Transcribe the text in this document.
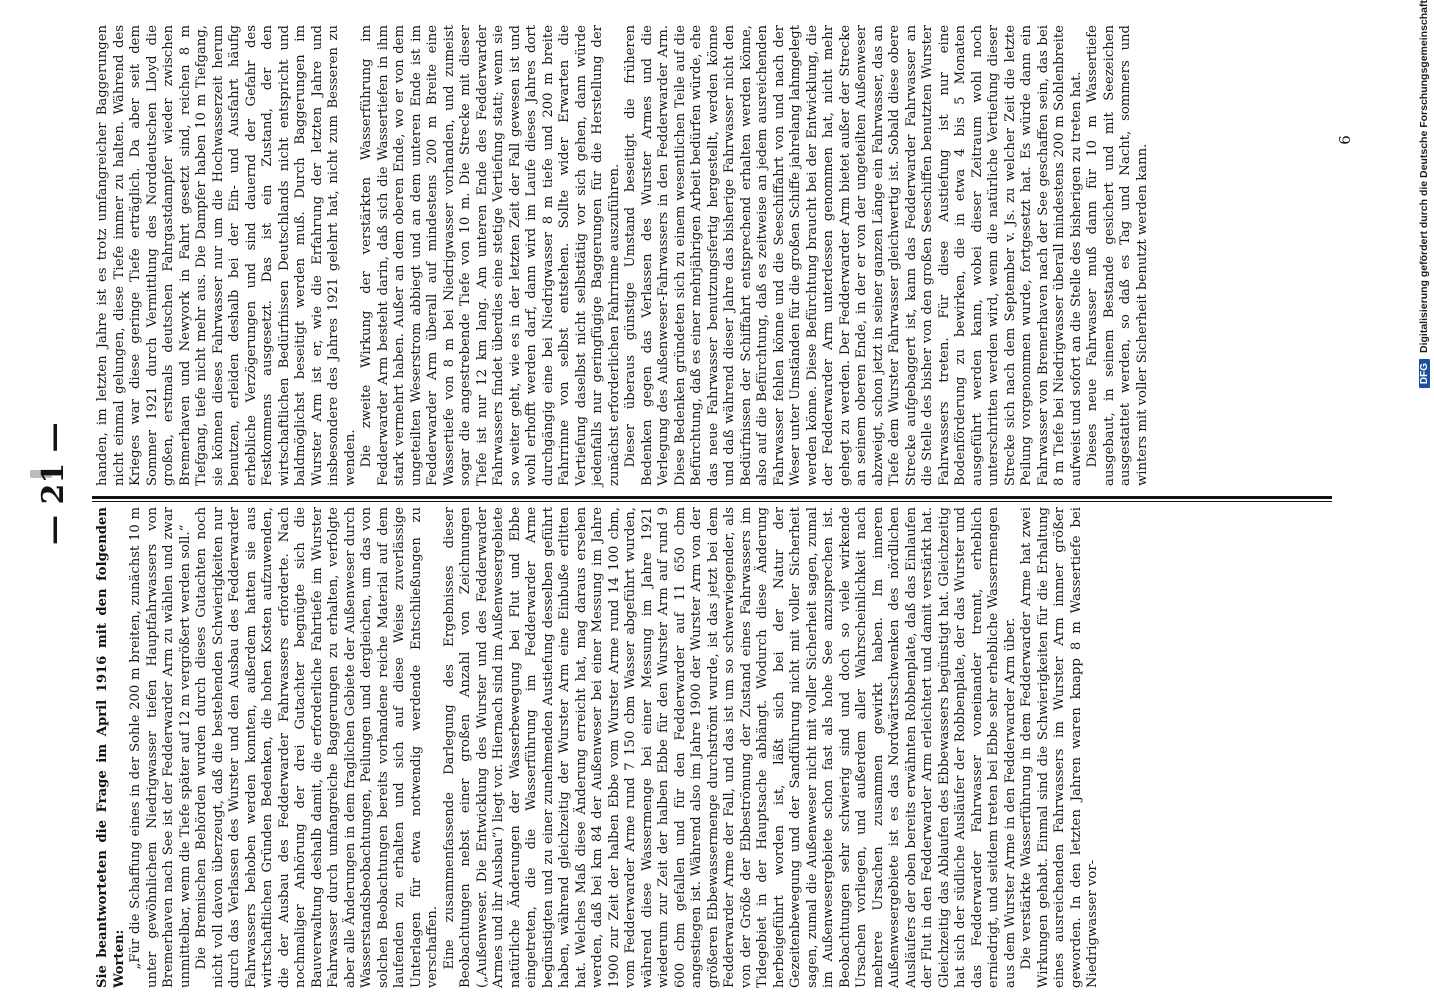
— 21 —

Sie beantworteten die Frage im April 1916 mit den folgenden Worten: „Für die Schaffung eines in der Sohle 200 m breiten, zunächst 10 m unter gewöhnlichem Niedrigwasser tiefen Hauptfahrwassers von Bremerhaven nach See ist der Fedderwarder Arm zu wählen und zwar unmittelbar, wenn die Tiefe später auf 12 m vergrößert werden soll.“ Die Bremischen Behörden wurden durch dieses Gutachten noch nicht voll davon überzeugt, daß die bestehenden Schwierigkeiten nur durch das Verlassen des Wurster und den Ausbau des Fedderwarder Fahrwassers behoben werden konnten, außerdem hatten sie aus wirtschaftlichen Gründen Bedenken, die hohen Kosten aufzuwenden, die der Ausbau des Fedderwarder Fahrwassers erforderte. Nach nochmaliger Anhörung der drei Gutachter begnügte sich die Bauverwaltung deshalb damit, die erforderliche Fahrtiefe im Wurster Fahrwasser durch umfangreiche Baggerungen zu erhalten, verfolgte aber alle Änderungen in dem fraglichen Gebiete der Außenweser durch Wasserstandsbeobachtungen, Peilungen und dergleichen, um das von solchen Beobachtungen bereits vorhandene reiche Material auf dem laufenden zu erhalten und sich auf diese Weise zuverlässige Unterlagen für etwa notwendig werdende Entschließungen zu verschaffen. Eine zusammenfassende Darlegung des Ergebnisses dieser Beobachtungen nebst einer großen Anzahl von Zeichnungen („Außenweser. Die Entwicklung des Wurster und des Fedderwarder Armes und ihr Ausbau“) liegt vor. Hiernach sind im Außenwesergebiete natürliche Änderungen der Wasserbewegung bei Flut und Ebbe eingetreten, die die Wasserführung im Fedderwarder Arme begünstigten und zu einer zunehmenden Austiefung desselben geführt haben, während gleichzeitig der Wurster Arm eine Einbuße erlitten hat. Welches Maß diese Änderung erreicht hat, mag daraus ersehen werden, daß bei km 84 der Außenweser bei einer Messung im Jahre 1900 zur Zeit der halben Ebbe vom Wurster Arme rund 14 100 cbm, vom Fedderwarder Arme rund 7 150 cbm Wasser abgeführt wurden, während diese Wassermenge bei einer Messung im Jahre 1921 wiederum zur Zeit der halben Ebbe für den Wurster Arm auf rund 9 600 cbm gefallen und für den Fedderwarder auf 11 650 cbm angestiegen ist. Während also im Jahre 1900 der Wurster Arm von der größeren Ebbewassermenge durchströmt wurde, ist das jetzt bei dem Fedderwarder Arme der Fall, und das ist um so schwerwiegender, als von der Größe der Ebbeströmung der Zustand eines Fahrwassers im Tidegebiet in der Hauptsache abhängt. Wodurch diese Änderung herbeigeführt worden ist, läßt sich bei der Natur der Gezeitenbewegung und der Sandführung nicht mit voller Sicherheit sagen, zumal die Außenweser nicht mit voller Sicherheit sagen, zumal im Außenwesergebiete schon fast als hohe See anzusprechen ist. Beobachtungen sehr schwierig sind und doch so viele wirkende Ursachen vorliegen, und außerdem aller Wahrscheinlichkeit nach mehrere Ursachen zusammen gewirkt haben. Im inneren Außenwesergebiete ist es das Nordwärtsschwenken des nördlichen Ausläufers der oben bereits erwähnten Robbenplate, daß das Einlaufen der Flut in den Fedderwarder Arm erleichtert und damit verstärkt hat. Gleichzeitig das Ablaufen des Ebbewassers begünstigt hat. Gleichzeitig hat sich der südliche Ausläufer der Robbenplate, der das Wurster und das Fedderwarder Fahrwasser voneinander trennt, erheblich erniedrigt, und seitdem treten bei Ebbe sehr erhebliche Wassermengen aus dem Wurster Arme in den Fedderwarder Arm über. Die verstärkte Wasserführung in dem Fedderwarder Arme hat zwei Wirkungen gehabt. Einmal sind die Schwierigkeiten für die Erhaltung eines ausreichenden Fahrwassers im Wurster Arm immer größer geworden. In den letzten Jahren waren knapp 8 m Wassertiefe bei Niedrigwasser vor-

handen, im letzten Jahre ist es trotz umfangreicher Baggerungen nicht einmal gelungen, diese Tiefe immer zu halten. Während des Krieges war diese geringe Tiefe erträglich. Da aber seit dem Sommer 1921 durch Vermittlung des Norddeutschen Lloyd die großen, erstmals deutschen Fahrgastdampfer wieder zwischen Bremerhaven und Newyork in Fahrt gesetzt sind, reichen 8 m Tiefgang, tiefe nicht mehr aus. Die Dampfer haben 10 m Tiefgang, sie können dieses Fahrwasser nur um die Hochwasserzeit herum benutzen, erleiden deshalb bei der Ein- und Ausfahrt häufig erhebliche Verzögerungen und sind dauernd der Gefahr des Festkommens ausgesetzt. Das ist ein Zustand, der den wirtschaftlichen Bedürfnissen Deutschlands nicht entspricht und baldmöglichst beseitigt werden muß. Durch Baggerungen im Wurster Arm ist er, wie die Erfahrung der letzten Jahre und insbesondere des Jahres 1921 gelehrt hat, nicht zum Besseren zu wenden. Die zweite Wirkung der verstärkten Wasserführung im Fedderwarder Arm besteht darin, daß sich die Wassertiefen in ihm stark vermehrt haben. Außer an dem oberen Ende, wo er von dem ungeteilten Weserstrom abbiegt und an dem unteren Ende ist im Fedderwarder Arm überall auf mindestens 200 m Breite eine Wassertiefe von 8 m bei Niedrigwasser vorhanden, und zumeist sogar die angestrebende Tiefe von 10 m. Die Strecke mit dieser Tiefe ist nur 12 km lang. Am unteren Ende des Fedderwarder Fahrwassers findet überdies eine stetige Vertiefung statt; wenn sie so weiter geht, wie es in der letzten Zeit der Fall gewesen ist und wohl erhofft werden darf, dann wird im Laufe dieses Jahres dort durchgängig eine bei Niedrigwasser 8 m tiefe und 200 m breite Fahrrinne von selbst entstehen. Sollte wider Erwarten die Vertiefung daselbst nicht selbsttätig vor sich gehen, dann würde jedenfalls nur geringfügige Baggerungen für die Herstellung der zunächst erforderlichen Fahrrinne auszuführen. Dieser überaus günstige Umstand beseitigt die früheren Bedenken gegen das Verlassen des Wurster Armes und die Verlegung des Außenweser-Fahrwassers in den Fedderwarder Arm. Diese Bedenken gründeten sich zu einem wesentlichen Teile auf die Befürchtung, daß es einer mehrjährigen Arbeit bedürfen würde, ehe das neue Fahrwasser benutzungsfertig hergestellt, werden könne und daß während dieser Jahre das bisherige Fahrwasser nicht den Bedürfnissen der Schiffahrt entsprechend erhalten werden könne, also auf die Befürchtung, daß es zeitweise an jedem ausreichenden Fahrwasser fehlen könne und die Seeschiffahrt von und nach der Weser unter Umständen für die großen Schiffe jahrelang lahmgelegt werden könne. Diese Befürchtung braucht bei der Entwicklung, die der Fedderwarder Arm unterdessen genommen hat, nicht mehr gehegt zu werden. Der Fedderwarder Arm bietet außer der Strecke an seinem oberen Ende, in der er von der ungeteilten Außenweser abzweigt, schon jetzt in seiner ganzen Länge ein Fahrwasser, das an Tiefe dem Wurster Fahrwasser gleichwertig ist. Sobald diese obere Strecke aufgebaggert ist, kann das Fedderwarder Fahrwasser an die Stelle des bisher von den großen Seeschiffen benutzten Wurster Fahrwassers treten. Für diese Austiefung ist nur eine Bodenförderung zu bewirken, die in etwa 4 bis 5 Monaten ausgeführt werden kann, wobei dieser Zeitraum wohl noch unterschritten werden wird, wenn die natürliche Vertiefung dieser Strecke sich nach dem September v. Js. zu welcher Zeit die letzte Peilung vorgenommen wurde, fortgesetzt hat. Es würde dann ein Fahrwasser von Bremerhaven nach der See geschaffen sein, das bei 8 m Tiefe bei Niedrigwasser überall mindestens 200 m Sohlenbreite aufweist und sofort an die Stelle des bisherigen zu treten hat. Dieses neue Fahrwasser muß dann für 10 m Wassertiefe ausgebaut, in seinem Bestande gesichert und mit Seezeichen ausgestattet werden, so daß es Tag und Nacht, sommers und winters mit voller Sicherheit benutzt werden kann.

6
DFGDigitalisierung gefördert durch die Deutsche Forschungsgemeinschaft
